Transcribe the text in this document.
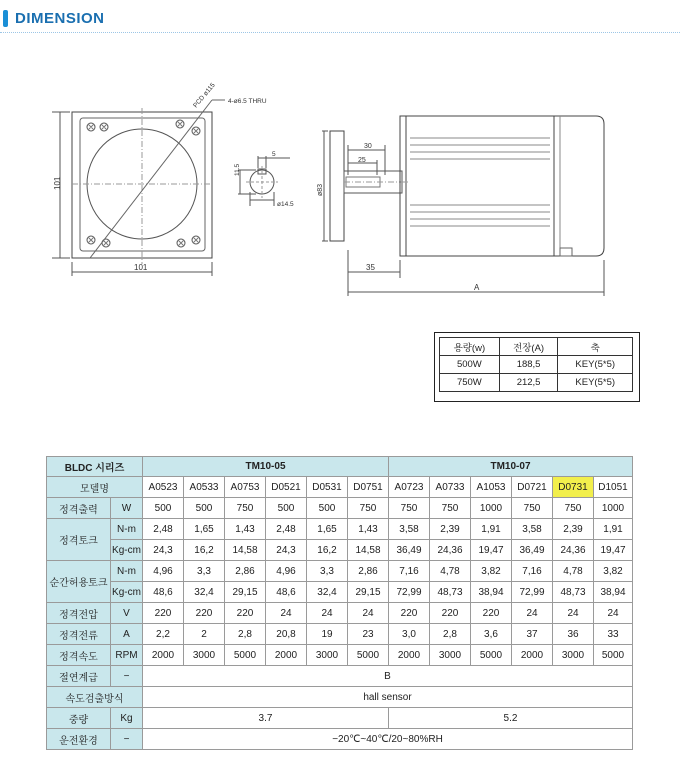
DIMENSION
101
101
PCD ø115 4-ø6.5 THRU
5
11.5
ø14.5
30
25
35
A
ø83
용량(w)	전장(A)	축
500W	188,5	KEY(5*5)
750W	212,5	KEY(5*5)
BLDC 시리즈		TM10-05						TM10-07					
모델명		A0523	A0533	A0753	D0521	D0531	D0751	A0723	A0733	A1053	D0721	D0731	D1051
정격출력	W	500	500	750	500	500	750	750	750	1000	750	750	1000
정격토크	N-m	2,48	1,65	1,43	2,48	1,65	1,43	3,58	2,39	1,91	3,58	2,39	1,91
	Kg-cm	24,3	16,2	14,58	24,3	16,2	14,58	36,49	24,36	19,47	36,49	24,36	19,47
순간허용토크	N-m	4,96	3,3	2,86	4,96	3,3	2,86	7,16	4,78	3,82	7,16	4,78	3,82
	Kg-cm	48,6	32,4	29,15	48,6	32,4	29,15	72,99	48,73	38,94	72,99	48,73	38,94
정격전압	V	220	220	220	24	24	24	220	220	220	24	24	24
정격전류	A	2,2	2	2,8	20,8	19	23	3,0	2,8	3,6	37	36	33
정격속도	RPM	2000	3000	5000	2000	3000	5000	2000	3000	5000	2000	3000	5000
절연계급	−	B											
속도검출방식		hall sensor											
중량	Kg	3.7						5.2					
운전환경	−	−20℃~40℃/20~80%RH											
